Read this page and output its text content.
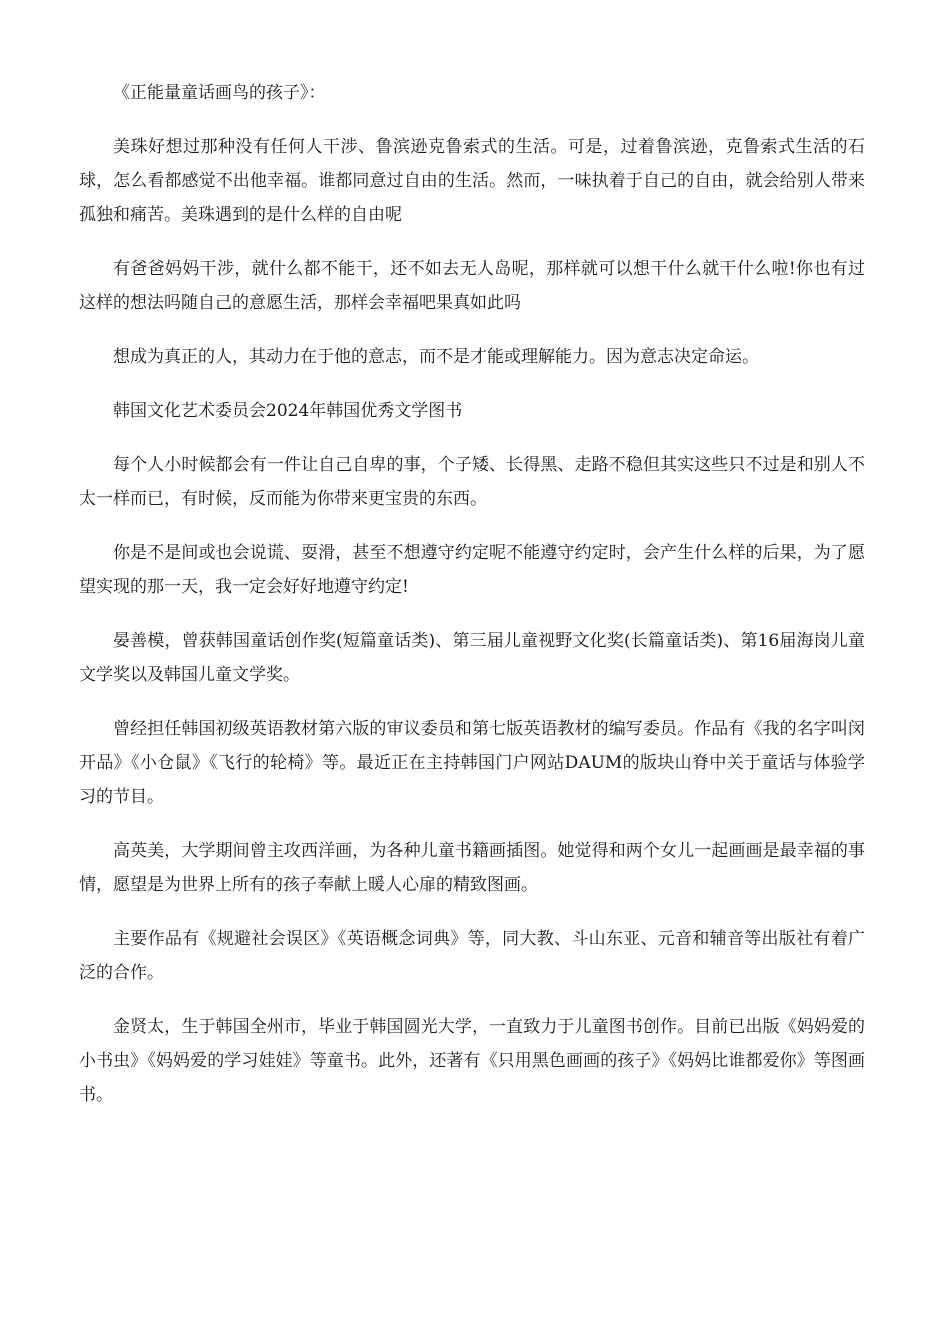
《正能量童话画鸟的孩子》：

美珠好想过那种没有任何人干涉、鲁滨逊克鲁索式的生活。可是，过着鲁滨逊，克鲁索式生活的石球，怎么看都感觉不出他幸福。谁都同意过自由的生活。然而，一味执着于自己的自由，就会给别人带来孤独和痛苦。美珠遇到的是什么样的自由呢

有爸爸妈妈干涉，就什么都不能干，还不如去无人岛呢，那样就可以想干什么就干什么啦!你也有过这样的想法吗随自己的意愿生活，那样会幸福吧果真如此吗

想成为真正的人，其动力在于他的意志，而不是才能或理解能力。因为意志决定命运。

韩国文化艺术委员会2024年韩国优秀文学图书

每个人小时候都会有一件让自己自卑的事，个子矮、长得黑、走路不稳但其实这些只不过是和别人不太一样而已，有时候，反而能为你带来更宝贵的东西。

你是不是间或也会说谎、耍滑，甚至不想遵守约定呢不能遵守约定时，会产生什么样的后果，为了愿望实现的那一天，我一定会好好地遵守约定!

晏善模，曾获韩国童话创作奖(短篇童话类)、第三届儿童视野文化奖(长篇童话类)、第16届海岗儿童文学奖以及韩国儿童文学奖。

曾经担任韩国初级英语教材第六版的审议委员和第七版英语教材的编写委员。作品有《我的名字叫闵开品》《小仓鼠》《飞行的轮椅》等。最近正在主持韩国门户网站DAUM的版块山脊中关于童话与体验学习的节目。

高英美，大学期间曾主攻西洋画，为各种儿童书籍画插图。她觉得和两个女儿一起画画是最幸福的事情，愿望是为世界上所有的孩子奉献上暖人心扉的精致图画。

主要作品有《规避社会误区》《英语概念词典》等，同大教、斗山东亚、元音和辅音等出版社有着广泛的合作。

金贤太，生于韩国全州市，毕业于韩国圆光大学，一直致力于儿童图书创作。目前已出版《妈妈爱的小书虫》《妈妈爱的学习娃娃》等童书。此外，还著有《只用黑色画画的孩子》《妈妈比谁都爱你》等图画书。
